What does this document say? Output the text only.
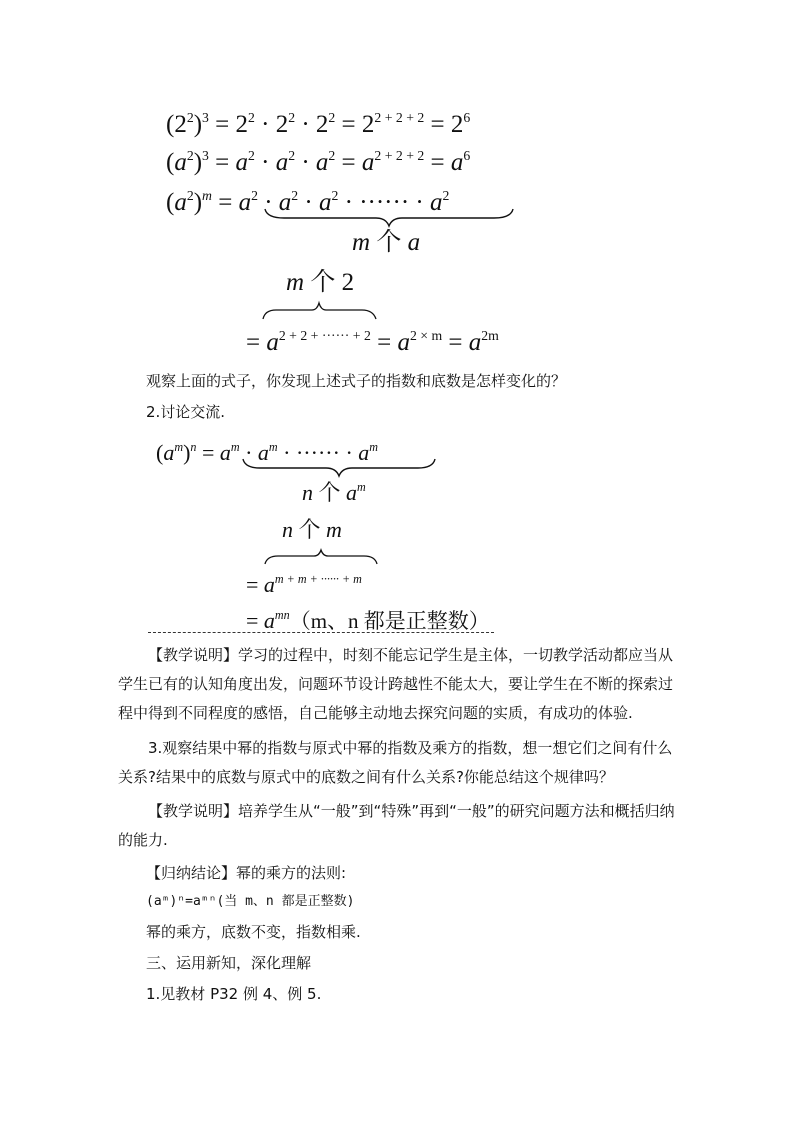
$(2^2)^3 = 2^2 \cdot 2^2 \cdot 2^2 = 2^{2 + 2 + 2} = 2^6$
$(a^2)^3 = a^2 \cdot a^2 \cdot a^2 = a^{2 + 2 + 2} = a^6$
$(a^2)^m = a^2 \cdot a^2 \cdot a^2$ · ······ · $a^2$
m 个 a
m 个 2
= $a^{2 + 2 + \cdot\cdot\cdot\cdot\cdot\cdot + 2} = a^{2 \times m} = a^{2m}$
观察上面的式子，你发现上述式子的指数和底数是怎样变化的？
2.讨论交流.
$(a^m)^n = a^m \cdot a^m$ · ······ · $a^m$
n 个 $a^m$
n 个 m
= $a^{m + m + \cdot\cdot\cdot\cdot\cdot\cdot + m}$
= $a^{mn}(m$、n 都是正整数）
【教学说明】学习的过程中，时刻不能忘记学生是主体，一切教学活动都应当从学生已有的认知角度出发，问题环节设计跨越性不能太大，要让学生在不断的探索过程中得到不同程度的感悟，自己能够主动地去探究问题的实质，有成功的体验.
3.观察结果中幂的指数与原式中幂的指数及乘方的指数，想一想它们之间有什么关系?结果中的底数与原式中的底数之间有什么关系?你能总结这个规律吗？
【教学说明】培养学生从“一般”到“特殊”再到“一般”的研究问题方法和概括归纳的能力.
【归纳结论】幂的乘方的法则:
(aᵐ)ⁿ=aᵐⁿ(当 m、n 都是正整数)
幂的乘方，底数不变，指数相乘.
三、运用新知，深化理解
1.见教材 P32 例 4、例 5.
